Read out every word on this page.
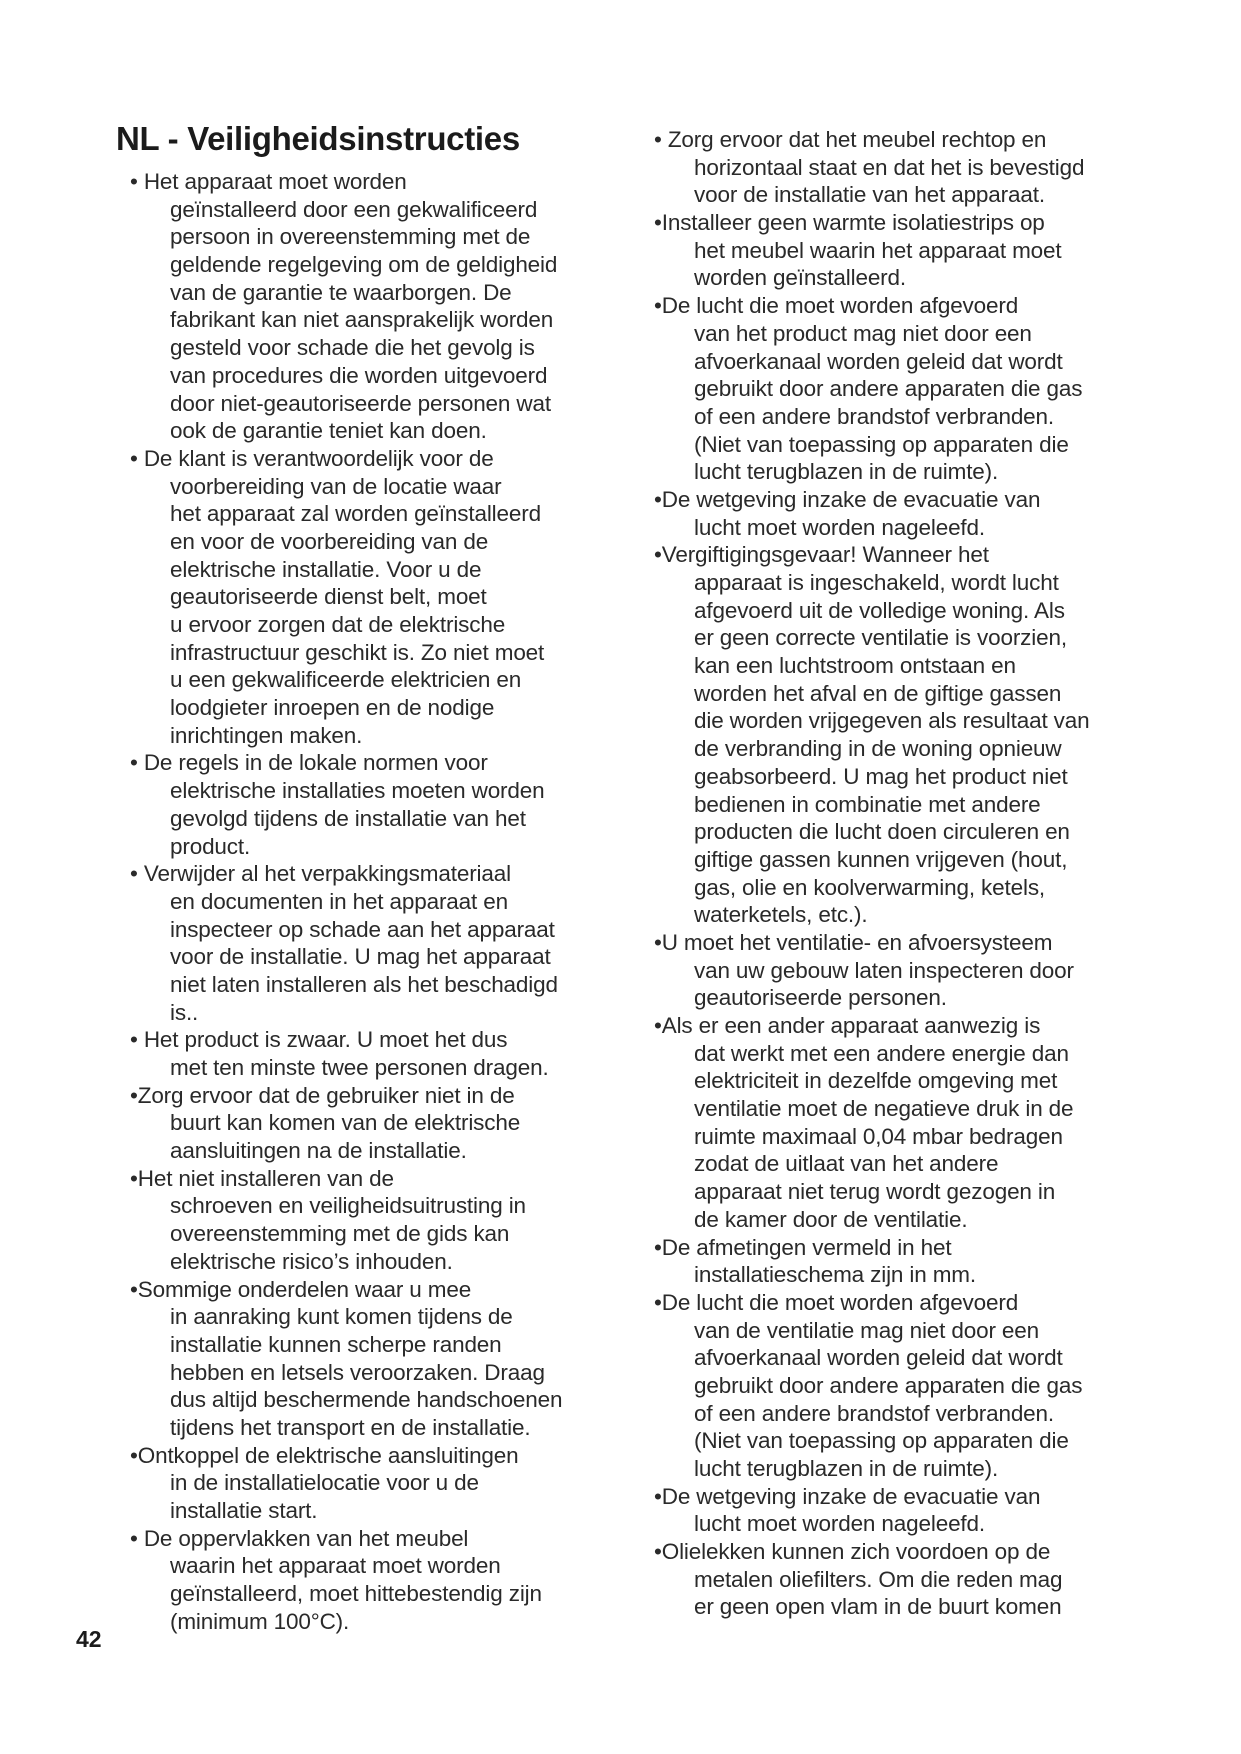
NL - Veiligheidsinstructies
• Het apparaat moet worden
geïnstalleerd door een gekwalificeerd
persoon in overeenstemming met de
geldende regelgeving om de geldigheid
van de garantie te waarborgen. De
fabrikant kan niet aansprakelijk worden
gesteld voor schade die het gevolg is
van procedures die worden uitgevoerd
door niet-geautoriseerde personen wat
ook de garantie teniet kan doen.
• De klant is verantwoordelijk voor de
voorbereiding van de locatie waar
het apparaat zal worden geïnstalleerd
en voor de voorbereiding van de
elektrische installatie. Voor u de
geautoriseerde dienst belt, moet
u ervoor zorgen dat de elektrische
infrastructuur geschikt is. Zo niet moet
u een gekwalificeerde elektricien en
loodgieter inroepen en de nodige
inrichtingen maken.
• De regels in de lokale normen voor
elektrische installaties moeten worden
gevolgd tijdens de installatie van het
product.
• Verwijder al het verpakkingsmateriaal
en documenten in het apparaat en
inspecteer op schade aan het apparaat
voor de installatie. U mag het apparaat
niet laten installeren als het beschadigd
is..
• Het product is zwaar. U moet het dus
met ten minste twee personen dragen.
•Zorg ervoor dat de gebruiker niet in de
buurt kan komen van de elektrische
aansluitingen na de installatie.
•Het niet installeren van de
schroeven en veiligheidsuitrusting in
overeenstemming met de gids kan
elektrische risico’s inhouden.
•Sommige onderdelen waar u mee
in aanraking kunt komen tijdens de
installatie kunnen scherpe randen
hebben en letsels veroorzaken. Draag
dus altijd beschermende handschoenen
tijdens het transport en de installatie.
•Ontkoppel de elektrische aansluitingen
in de installatielocatie voor u de
installatie start.
• De oppervlakken van het meubel
waarin het apparaat moet worden
geïnstalleerd, moet hittebestendig zijn
(minimum 100°C).
• Zorg ervoor dat het meubel rechtop en
horizontaal staat en dat het is bevestigd
voor de installatie van het apparaat.
•Installeer geen warmte isolatiestrips op
het meubel waarin het apparaat moet
worden geïnstalleerd.
•De lucht die moet worden afgevoerd
van het product mag niet door een
afvoerkanaal worden geleid dat wordt
gebruikt door andere apparaten die gas
of een andere brandstof verbranden.
(Niet van toepassing op apparaten die
lucht terugblazen in de ruimte).
•De wetgeving inzake de evacuatie van
lucht moet worden nageleefd.
•Vergiftigingsgevaar! Wanneer het
apparaat is ingeschakeld, wordt lucht
afgevoerd uit de volledige woning. Als
er geen correcte ventilatie is voorzien,
kan een luchtstroom ontstaan en
worden het afval en de giftige gassen
die worden vrijgegeven als resultaat van
de verbranding in de woning opnieuw
geabsorbeerd. U mag het product niet
bedienen in combinatie met andere
producten die lucht doen circuleren en
giftige gassen kunnen vrijgeven (hout,
gas, olie en koolverwarming, ketels,
waterketels, etc.).
•U moet het ventilatie- en afvoersysteem
van uw gebouw laten inspecteren door
geautoriseerde personen.
•Als er een ander apparaat aanwezig is
dat werkt met een andere energie dan
elektriciteit in dezelfde omgeving met
ventilatie moet de negatieve druk in de
ruimte maximaal 0,04 mbar bedragen
zodat de uitlaat van het andere
apparaat niet terug wordt gezogen in
de kamer door de ventilatie.
•De afmetingen vermeld in het
installatieschema zijn in mm.
•De lucht die moet worden afgevoerd
van de ventilatie mag niet door een
afvoerkanaal worden geleid dat wordt
gebruikt door andere apparaten die gas
of een andere brandstof verbranden.
(Niet van toepassing op apparaten die
lucht terugblazen in de ruimte).
•De wetgeving inzake de evacuatie van
lucht moet worden nageleefd.
•Olielekken kunnen zich voordoen op de
metalen oliefilters. Om die reden mag
er geen open vlam in de buurt komen
42
